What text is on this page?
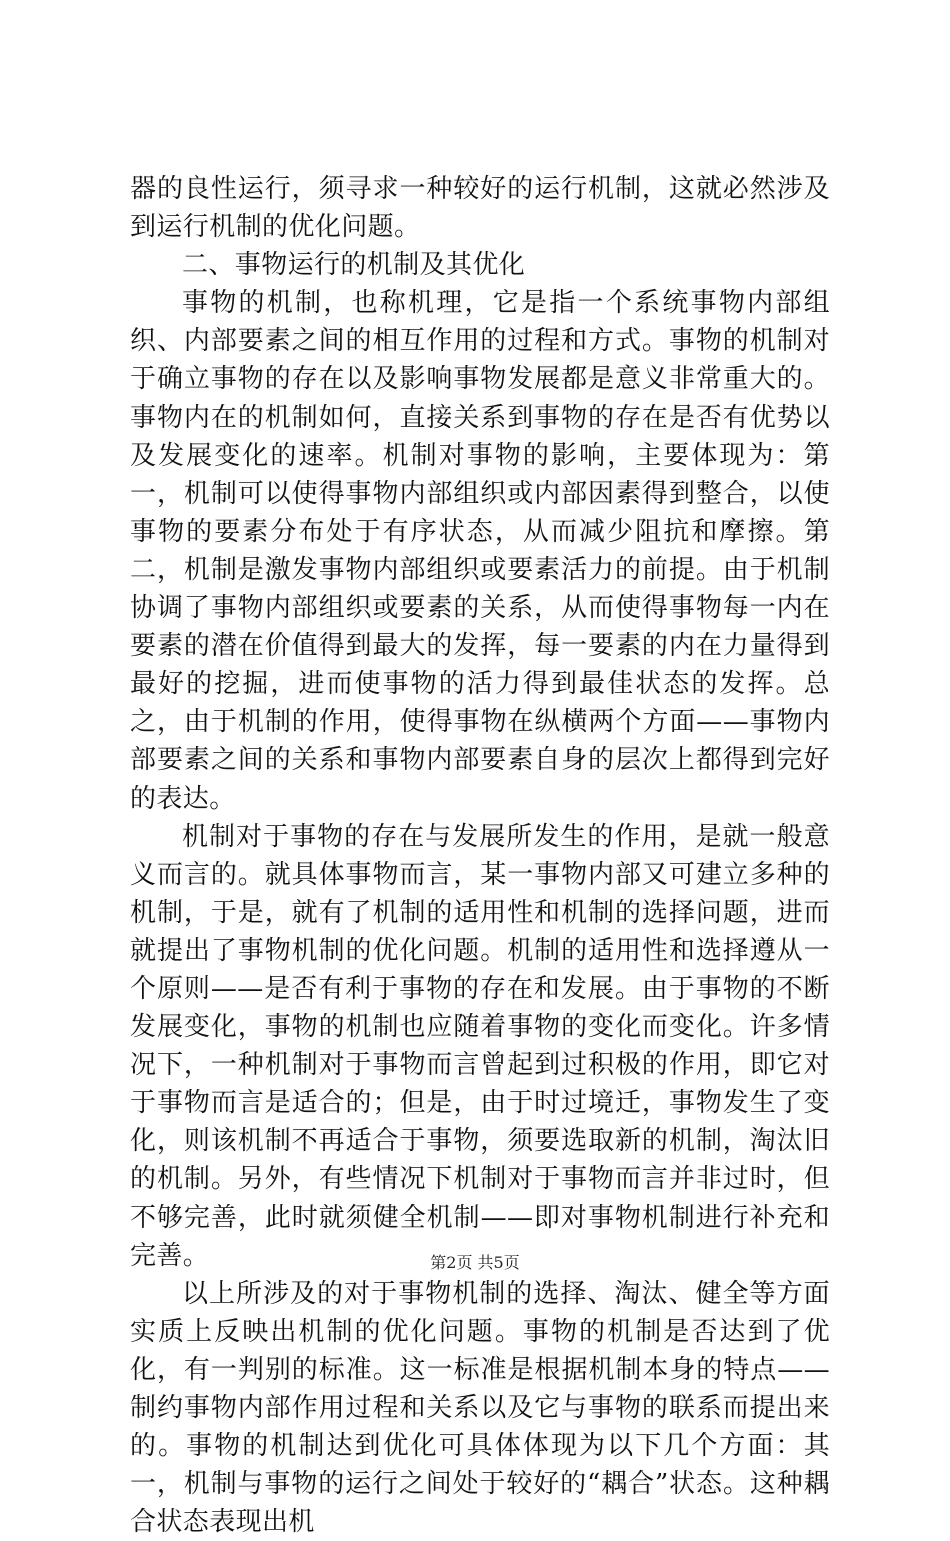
器的良性运行，须寻求一种较好的运行机制，这就必然涉及到运行机制的优化问题。

二、事物运行的机制及其优化

事物的机制，也称机理，它是指一个系统事物内部组织、内部要素之间的相互作用的过程和方式。事物的机制对于确立事物的存在以及影响事物发展都是意义非常重大的。事物内在的机制如何，直接关系到事物的存在是否有优势以及发展变化的速率。机制对事物的影响，主要体现为：第一，机制可以使得事物内部组织或内部因素得到整合，以使事物的要素分布处于有序状态，从而减少阻抗和摩擦。第二，机制是激发事物内部组织或要素活力的前提。由于机制协调了事物内部组织或要素的关系，从而使得事物每一内在要素的潜在价值得到最大的发挥，每一要素的内在力量得到最好的挖掘，进而使事物的活力得到最佳状态的发挥。总之，由于机制的作用，使得事物在纵横两个方面——事物内部要素之间的关系和事物内部要素自身的层次上都得到完好的表达。

机制对于事物的存在与发展所发生的作用，是就一般意义而言的。就具体事物而言，某一事物内部又可建立多种的机制，于是，就有了机制的适用性和机制的选择问题，进而就提出了事物机制的优化问题。机制的适用性和选择遵从一个原则——是否有利于事物的存在和发展。由于事物的不断发展变化，事物的机制也应随着事物的变化而变化。许多情况下，一种机制对于事物而言曾起到过积极的作用，即它对于事物而言是适合的；但是，由于时过境迁，事物发生了变化，则该机制不再适合于事物，须要选取新的机制，淘汰旧的机制。另外，有些情况下机制对于事物而言并非过时，但不够完善，此时就须健全机制——即对事物机制进行补充和完善。

以上所涉及的对于事物机制的选择、淘汰、健全等方面实质上反映出机制的优化问题。事物的机制是否达到了优化，有一判别的标准。这一标准是根据机制本身的特点——制约事物内部作用过程和关系以及它与事物的联系而提出来的。事物的机制达到优化可具体体现为以下几个方面：其一，机制与事物的运行之间处于较好的“耦合”状态。这种耦合状态表现出机

第2页 共5页
